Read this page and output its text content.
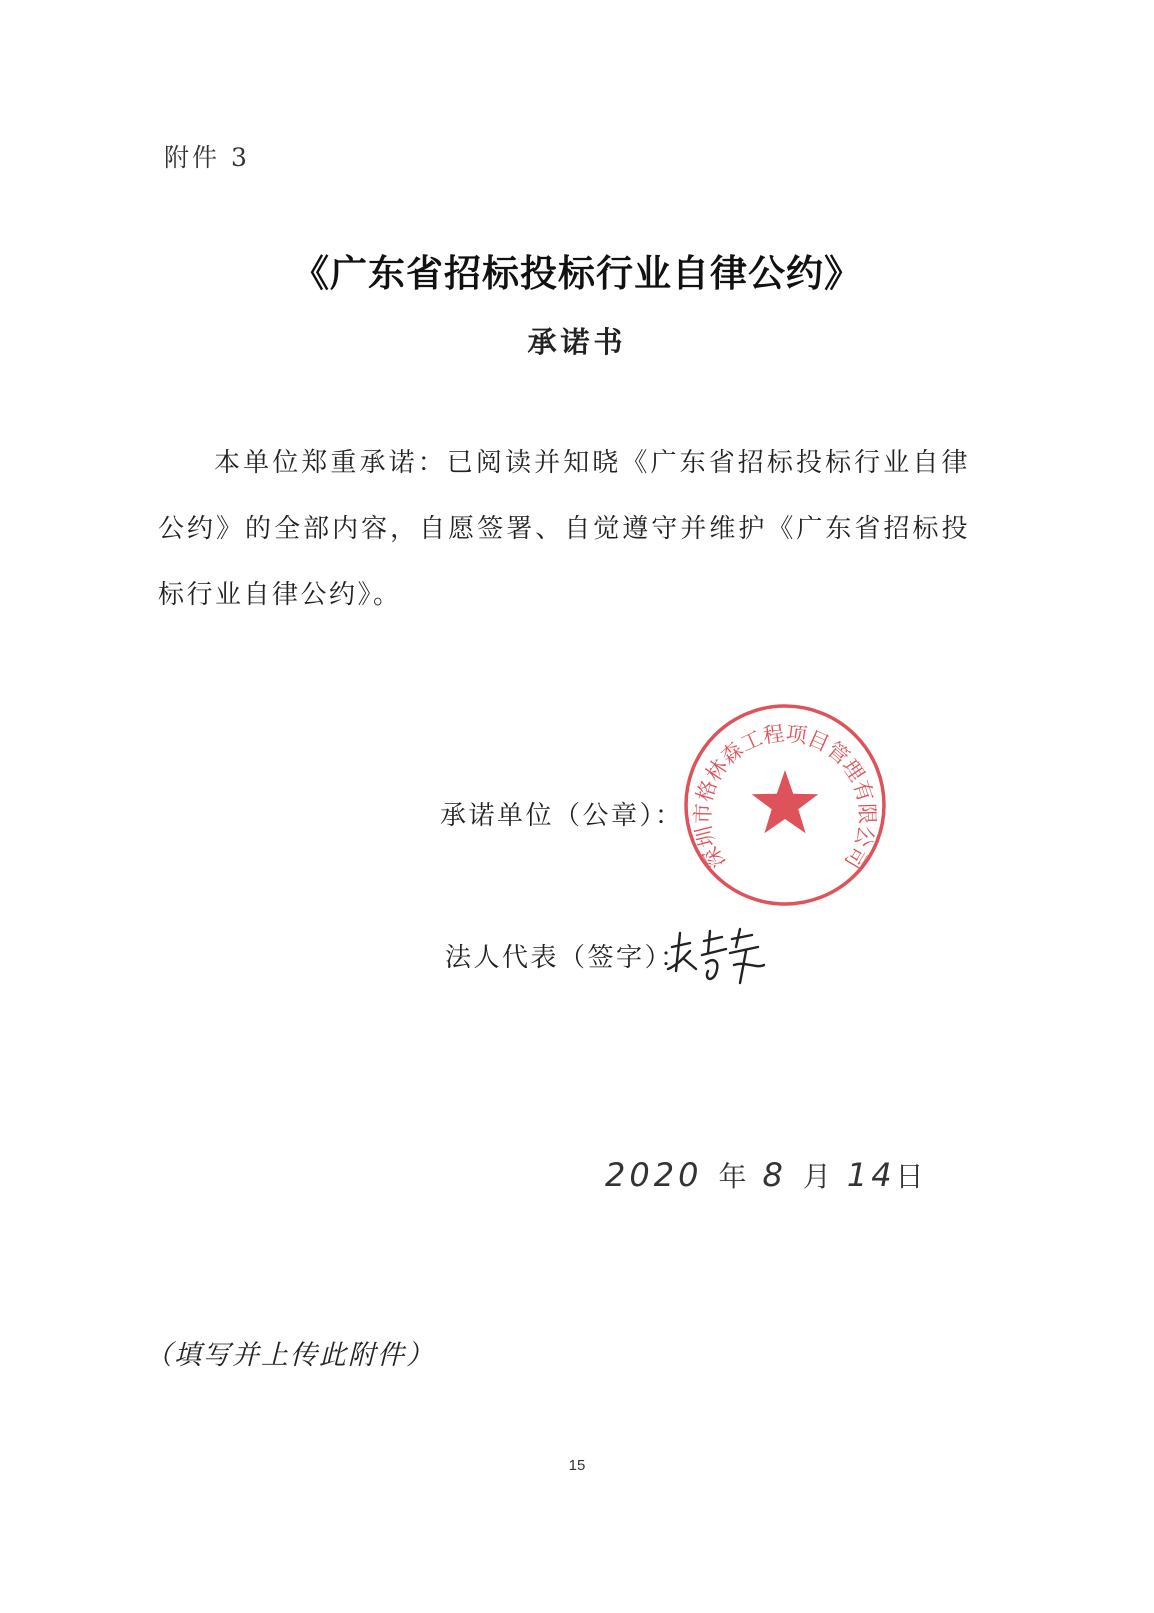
附件 3
《广东省招标投标行业自律公约》
承诺书
本单位郑重承诺：已阅读并知晓《广东省招标投标行业自律公约》的全部内容，自愿签署、自觉遵守并维护《广东省招标投标行业自律公约》。
承诺单位（公章）：
深圳市格林森工程项目管理有限公司
法人代表（签字）：
2020 年 8 月 14日
（填写并上传此附件）
15
